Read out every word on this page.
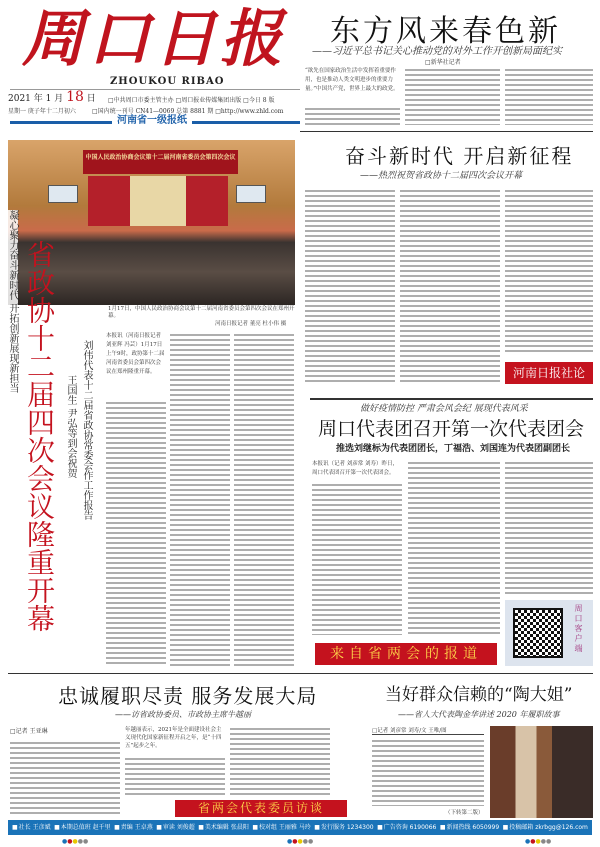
周口日报
ZHOUKOU RIBAO
2021 年 1 月 18 日 □中共周口市委主管主办 □周口报业传媒集团出版 □今日 8 版
星期一 庚子年十二月初六	□国内统一刊号 CN41—0069 总第 8881 期 □http://www.zhld.com
河南省一级报纸
东方风来春色新
——习近平总书记关心推动党的对外工作开创新局面纪实
□新华社记者
“欲先在国家政治生活中发挥着重要作用，也是推动人类文明进步的重要力量。”中国共产党，世界上最大的政党。
中国人民政治协商会议第十二届河南省委员会第四次会议
1月17日，中国人民政治协商会议第十二届河南省委员会第四次会议在郑州开幕。
河南日报记者 董亮 杜小伟 摄
凝心聚力奋斗新时代 开拓创新展现新担当 省政协十二届四次会议隆重开幕	刘伟代表十二届省政协常委会作工作报告
王国生 尹弘等到会祝贺
本报讯（河南日报记者 刘亚辉 冯芸）1月17日上午9时，政协第十二届河南省委员会第四次会议在郑州隆重开幕。
奋斗新时代 开启新征程
——热烈祝贺省政协十二届四次会议开幕
河南日报社论
做好疫情防控 严肃会风会纪 展现代表风采
周口代表团召开第一次代表团会
推选刘继标为代表团团长，丁福浩、刘国连为代表团副团长
本报讯（记者 刘彦常 刘寿）昨日，周口代表团召开第一次代表团会。
来自省两会的报道	周口客户端
忠诚履职尽责 服务发展大局
——访省政协委员、市政协主席牛越丽
□记者 王亚琳	年越丽表示，2021年是全面建设社会主义现代化国家新征程开启之年，是“十四五”起步之年。
省两会代表委员访谈
当好群众信赖的“陶大姐”
——省人大代表陶金华讲述 2020 年履职故事
□记者 刘彦常 刘寿/文 王唯/图
（下转第二版）
■ 社长 王彦斌	■ 本期总值班 赵千里	■ 责编 王卓燕	■ 审读 刘俊超	■ 美术编辑 张晨阳	■ 校对组 王丽雅 马玲	■ 发行服务 1234300	■ 广告咨询 6190066	■ 新闻热线 6050999	■ 投稿邮箱 zkrbgg@126.com
●●●●●	●●●●●	●●●●●
